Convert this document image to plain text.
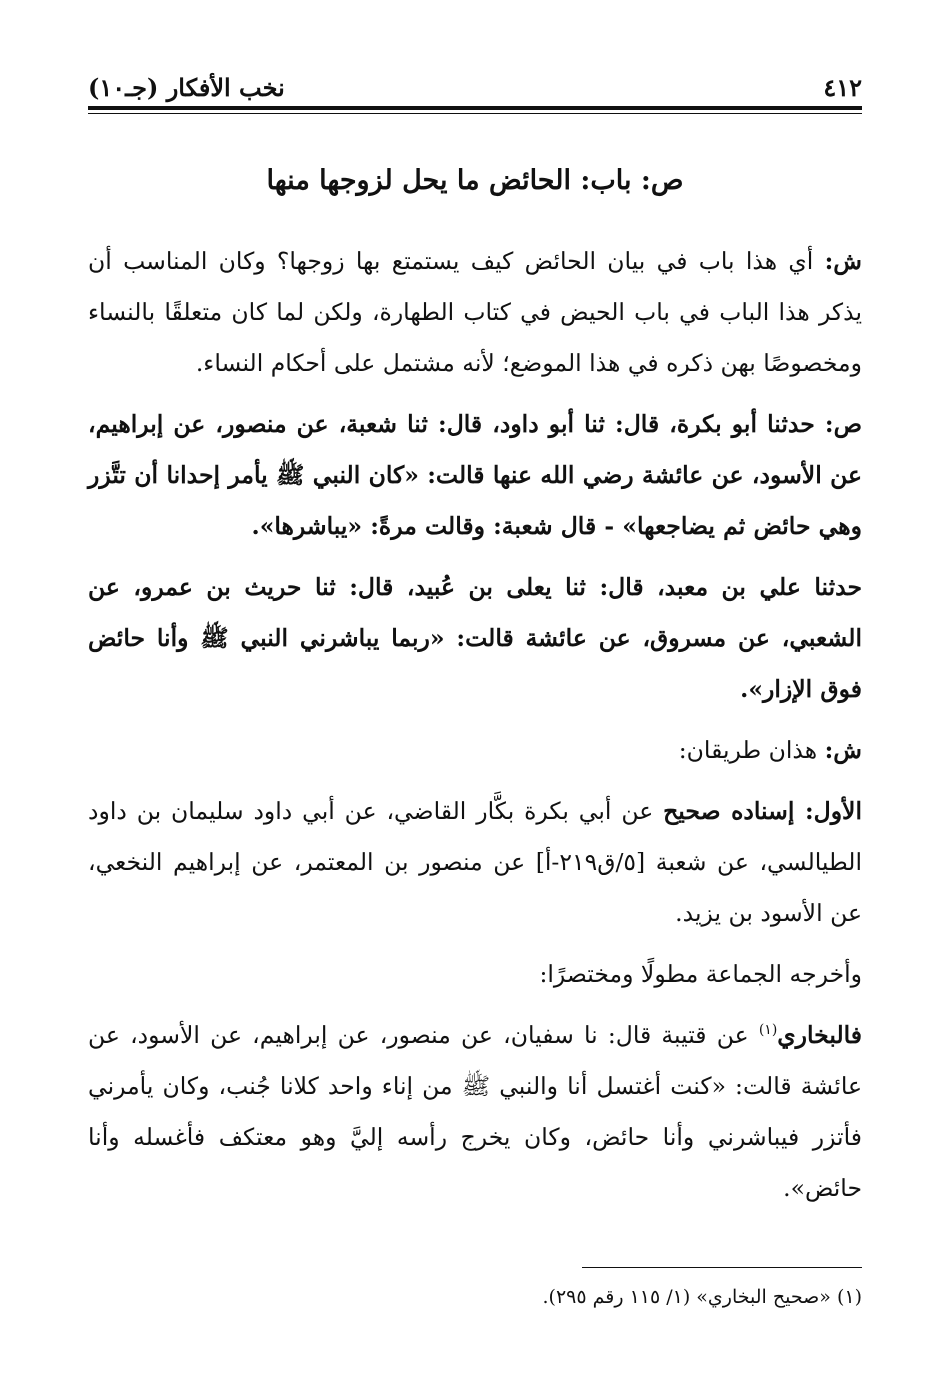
٤١٢
نخب الأفكار (جـ١٠)
ص: باب: الحائض ما يحل لزوجها منها

ش: أي هذا باب في بيان الحائض كيف يستمتع بها زوجها؟ وكان المناسب أن يذكر هذا الباب في باب الحيض في كتاب الطهارة، ولكن لما كان متعلقًا بالنساء ومخصوصًا بهن ذكره في هذا الموضع؛ لأنه مشتمل على أحكام النساء.

ص: حدثنا أبو بكرة، قال: ثنا أبو داود، قال: ثنا شعبة، عن منصور، عن إبراهيم، عن الأسود، عن عائشة رضي الله عنها قالت: «كان النبي ﷺ يأمر إحدانا أن تتَّزر وهي حائض ثم يضاجعها» - قال شعبة: وقالت مرةً: «يباشرها».

حدثنا علي بن معبد، قال: ثنا يعلى بن عُبيد، قال: ثنا حريث بن عمرو، عن الشعبي، عن مسروق، عن عائشة قالت: «ربما يباشرني النبي ﷺ وأنا حائض فوق الإزار».

ش: هذان طريقان:

الأول: إسناده صحيح عن أبي بكرة بكَّار القاضي، عن أبي داود سليمان بن داود الطيالسي، عن شعبة [٥/ق٢١٩-أ] عن منصور بن المعتمر، عن إبراهيم النخعي، عن الأسود بن يزيد.

وأخرجه الجماعة مطولًا ومختصرًا:

فالبخاري$^{(١)}$ عن قتيبة قال: نا سفيان، عن منصور، عن إبراهيم، عن الأسود، عن عائشة قالت: «كنت أغتسل أنا والنبي ﷺ من إناء واحد كلانا جُنب، وكان يأمرني فأتزر فيباشرني وأنا حائض، وكان يخرج رأسه إليَّ وهو معتكف فأغسله وأنا حائض».

(١) «صحيح البخاري» (١/ ١١٥ رقم ٢٩٥).
